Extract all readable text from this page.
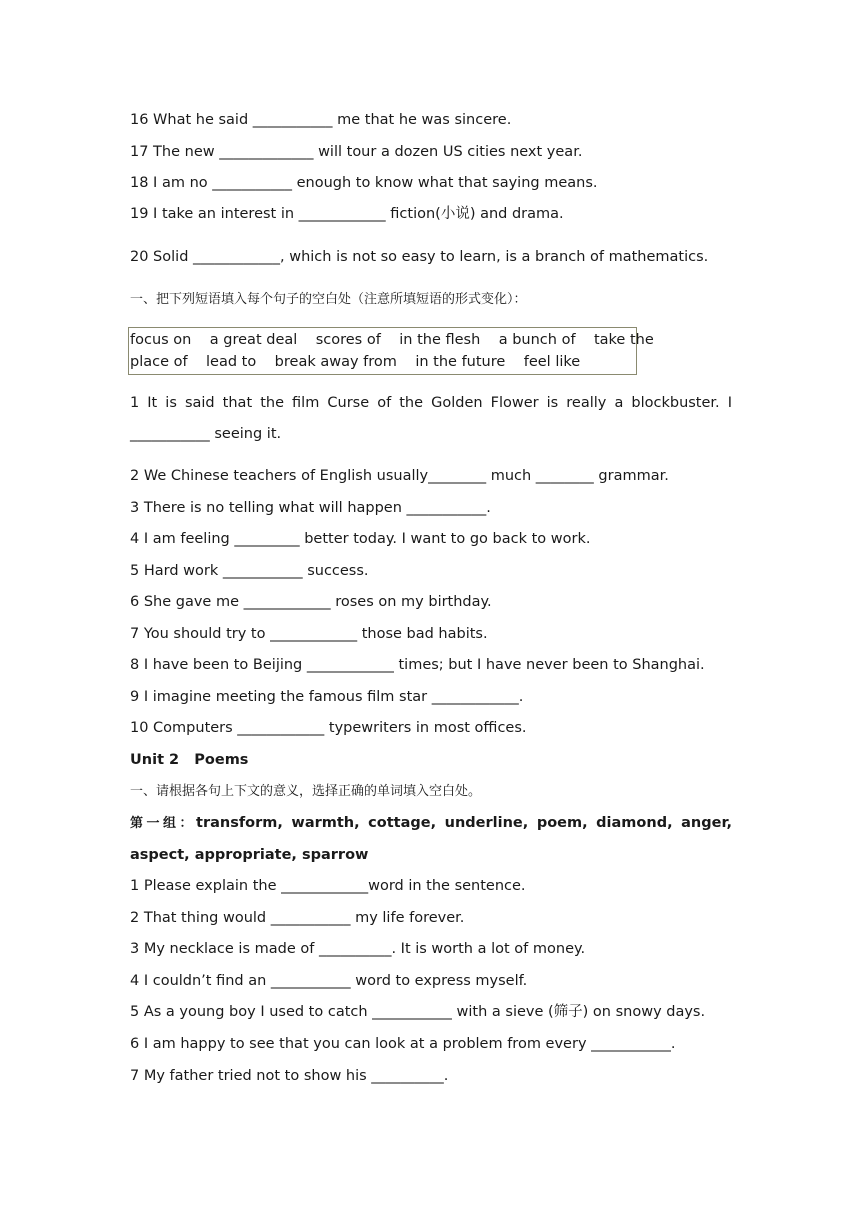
16 What he said ___________ me that he was sincere.
17 The new _____________ will tour a dozen US cities next year.
18 I am no ___________ enough to know what that saying means.
19 I take an interest in ____________ fiction(小说) and drama.
20 Solid ____________, which is not so easy to learn, is a branch of mathematics.
一、把下列短语填入每个句子的空白处（注意所填短语的形式变化）：
focus on    a great deal    scores of    in the flesh    a bunch of    take the
place of    lead to    break away from    in the future    feel like
1 It is said that the film Curse of the Golden Flower is really a blockbuster. I
___________ seeing it.
2 We Chinese teachers of English usually________ much ________ grammar.
3 There is no telling what will happen ___________.
4 I am feeling _________ better today. I want to go back to work.
5 Hard work ___________ success.
6 She gave me ____________ roses on my birthday.
7 You should try to ____________ those bad habits.
8 I have been to Beijing ____________ times; but I have never been to Shanghai.
9 I imagine meeting the famous film star ____________.
10 Computers ____________ typewriters in most offices.
Unit 2   Poems
一、请根据各句上下文的意义，选择正确的单词填入空白处。
第一组：transform, warmth, cottage, underline, poem, diamond, anger,
aspect, appropriate, sparrow
1 Please explain the ____________word in the sentence.
2 That thing would ___________ my life forever.
3 My necklace is made of __________. It is worth a lot of money.
4 I couldn’t find an ___________ word to express myself.
5 As a young boy I used to catch ___________ with a sieve (筛子) on snowy days.
6 I am happy to see that you can look at a problem from every ___________.
7 My father tried not to show his __________.
